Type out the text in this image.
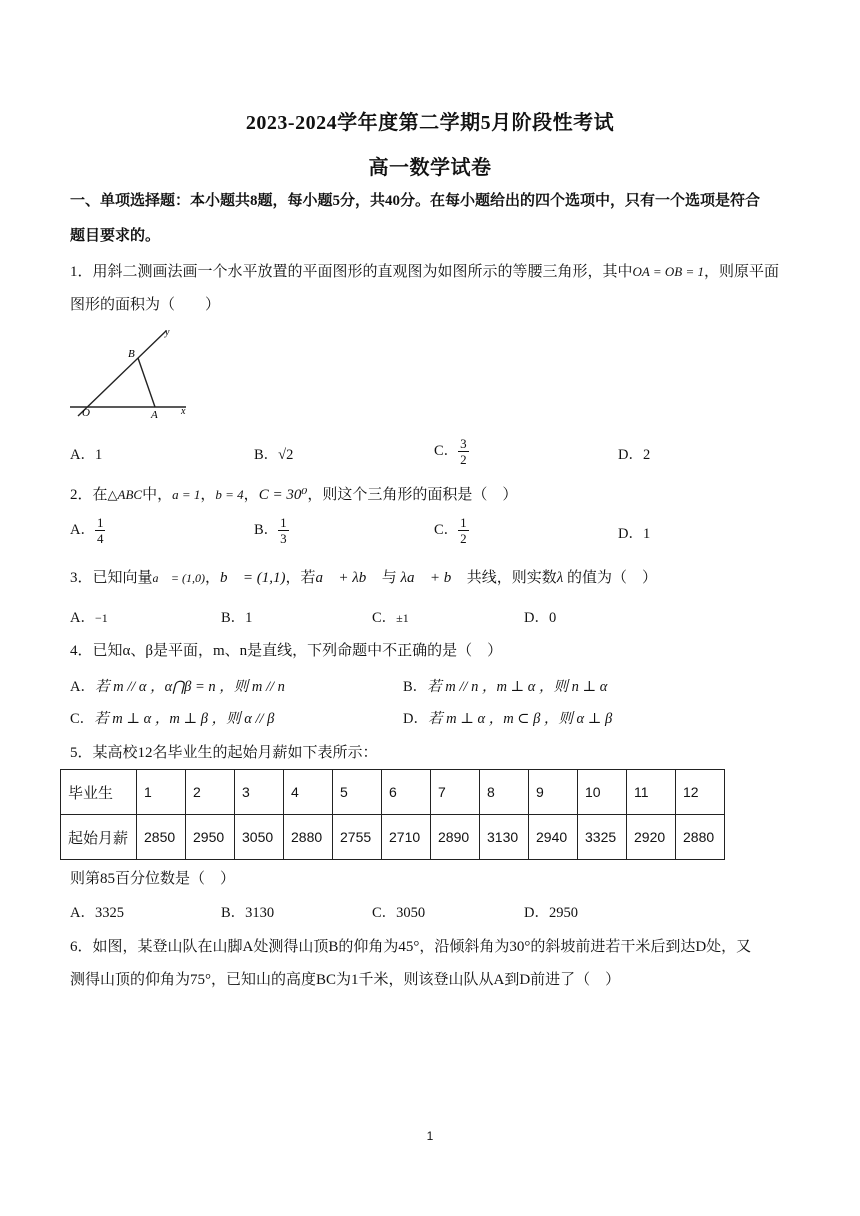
2023-2024学年度第二学期5月阶段性考试
高一数学试卷
一、单项选择题：本小题共8题，每小题5分，共40分。在每小题给出的四个选项中，只有一个选项是符合
题目要求的。
1．用斜二测画法画一个水平放置的平面图形的直观图为如图所示的等腰三角形，其中OA = OB = 1，则原平面
图形的面积为（　　）
y
x
O	A
B
A．1	B．√2	C． $\frac{3}{2}$	D．2
2．在△ABC中，a = 1，b = 4，C = 30⁰，则这个三角形的面积是（　）
A． $\frac{1}{4}$	B． $\frac{1}{3}$	C． $\frac{1}{2}$	D．1
3．已知向量a⃗ = (1,0)，b⃗ = (1,1)，若a⃗ + λb⃗ 与 λa⃗ + b⃗ 共线，则实数λ 的值为（　）
A．−1	B．1	C．±1	D．0
4．已知α、β是平面，m、n是直线，下列命题中不正确的是（　）
A．若 m // α ，α⋂β = n ，则 m // n	B．若 m // n ，m ⊥ α ，则 n ⊥ α
C．若 m ⊥ α ，m ⊥ β ，则 α // β	D．若 m ⊥ α ，m ⊂ β ，则 α ⊥ β
5．某高校12名毕业生的起始月薪如下表所示：
毕业生	1	2	3	4	5	6	7	8	9	10	11	12
起始月薪	2850	2950	3050	2880	2755	2710	2890	3130	2940	3325	2920	2880
则第85百分位数是（　）
A．3325	B．3130	C．3050	D．2950
6．如图，某登山队在山脚A处测得山顶B的仰角为45°，沿倾斜角为30°的斜坡前进若干米后到达D处，又
测得山顶的仰角为75°，已知山的高度BC为1千米，则该登山队从A到D前进了（　）
1
